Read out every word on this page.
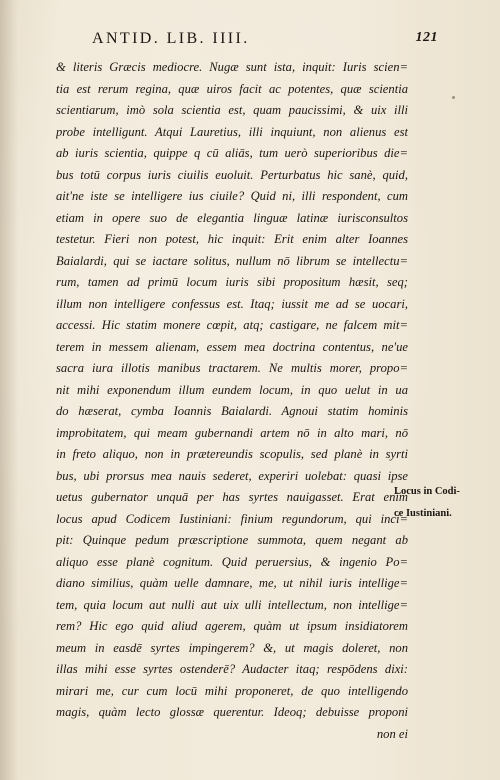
ANTID. LIB. IIII.	121
& literis Græcis mediocre. Nugæ sunt ista, inquit: Iuris scien=
tia est rerum regina, quæ uiros facit ac potentes, quæ scientia
scientiarum, imò sola scientia est, quam paucissimi, & uix illi
probe intelligunt. Atqui Lauretius, illi inquiunt, non alienus est
ab iuris scientia, quippe q cū aliās, tum uerò superioribus die=
bus totū corpus iuris ciuilis euoluit. Perturbatus hic sanè, quid,
ait'ne iste se intelligere ius ciuile? Quid ni, illi respondent, cum
etiam in opere suo de elegantia linguæ latinæ iurisconsultos
testetur. Fieri non potest, hic inquit: Erit enim alter Ioannes
Baialardi, qui se iactare solitus, nullum nō librum se intellectu=
rum, tamen ad primū locum iuris sibi propositum hæsit, seq;
illum non intelligere confessus est. Itaq; iussit me ad se uocari,
accessi. Hic statim monere cœpit, atq; castigare, ne falcem mit=
terem in messem alienam, essem mea doctrina contentus, ne'ue
sacra iura illotis manibus tractarem. Ne multis morer, propo=
nit mihi exponendum illum eundem locum, in quo uelut in ua
do hæserat, cymba Ioannis Baialardi. Agnoui statim hominis
improbitatem, qui meam gubernandi artem nō in alto mari, nō
in freto aliquo, non in prætereundis scopulis, sed planè in syrti
bus, ubi prorsus mea nauis sederet, experiri uolebat: quasi ipse
uetus gubernator unquā per has syrtes nauigasset. Erat enim
locus apud Codicem Iustiniani: finium regundorum, qui inci=
pit: Quinque pedum præscriptione summota, quem negant ab
aliquo esse planè cognitum. Quid peruersius, & ingenio Po=
diano similius, quàm uelle damnare, me, ut nihil iuris intellige=
tem, quia locum aut nulli aut uix ulli intellectum, non intellige=
rem? Hic ego quid aliud agerem, quàm ut ipsum insidiatorem
meum in easdē syrtes impingerem? &, ut magis doleret, non
illas mihi esse syrtes ostenderē? Audacter itaq; respōdens dixi:
mirari me, cur cum locū mihi proponeret, de quo intelligendo
magis, quàm lecto glossæ querentur. Ideoq; debuisse proponi
non ei
Locus in Codi-
ce Iustiniani.
